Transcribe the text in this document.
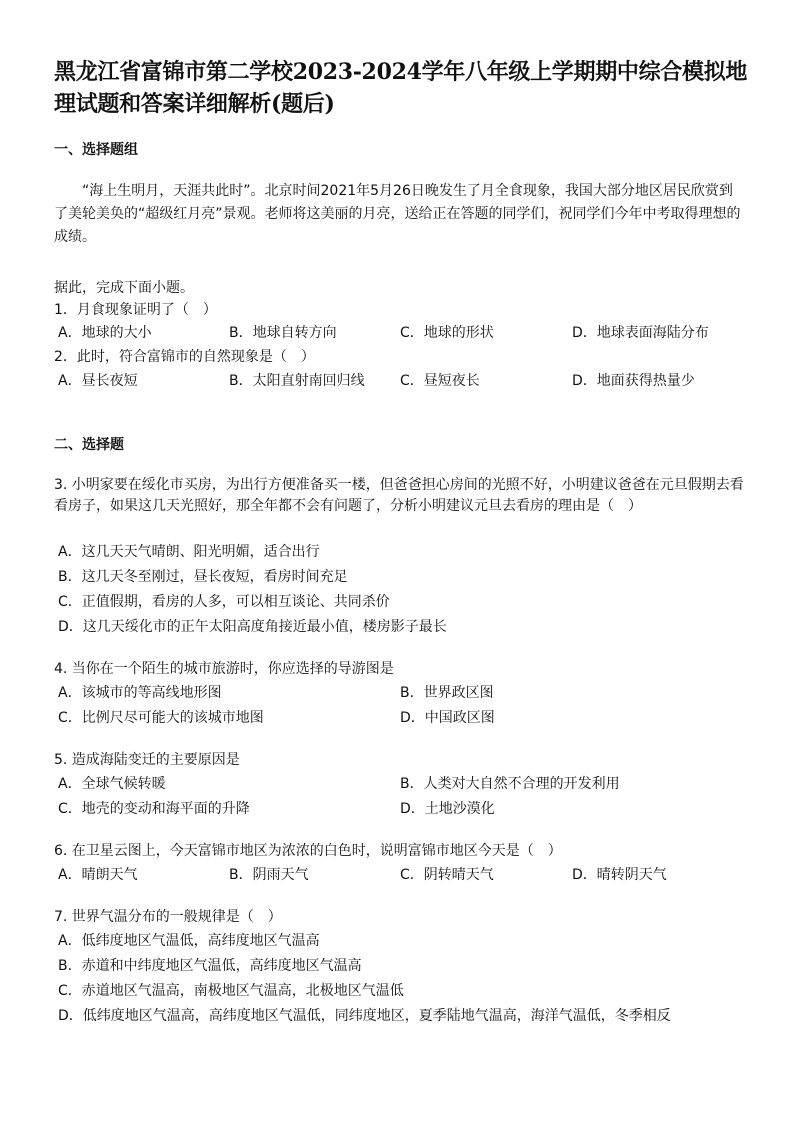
黑龙江省富锦市第二学校2023-2024学年八年级上学期期中综合模拟地理试题和答案详细解析(题后)
一、选择题组
“海上生明月，天涯共此时”。北京时间2021年5月26日晚发生了月全食现象，我国大部分地区居民欣赏到了美轮美奂的“超级红月亮”景观。老师将这美丽的月亮，送给正在答题的同学们，祝同学们今年中考取得理想的成绩。
据此，完成下面小题。
1．月食现象证明了（　）
A．地球的大小	B．地球自转方向	C．地球的形状	D．地球表面海陆分布
2．此时，符合富锦市的自然现象是（　）
A．昼长夜短	B．太阳直射南回归线	C．昼短夜长	D．地面获得热量少
二、选择题
3. 小明家要在绥化市买房，为出行方便准备买一楼，但爸爸担心房间的光照不好，小明建议爸爸在元旦假期去看看房子，如果这几天光照好，那全年都不会有问题了，分析小明建议元旦去看房的理由是（　）
A．这几天天气晴朗、阳光明媚，适合出行
B．这几天冬至刚过，昼长夜短，看房时间充足
C．正值假期，看房的人多，可以相互谈论、共同杀价
D．这几天绥化市的正午太阳高度角接近最小值，楼房影子最长
4. 当你在一个陌生的城市旅游时，你应选择的导游图是
A．该城市的等高线地形图	B．世界政区图
C．比例尺尽可能大的该城市地图	D．中国政区图
5. 造成海陆变迁的主要原因是
A．全球气候转暖	B．人类对大自然不合理的开发利用
C．地壳的变动和海平面的升降	D．土地沙漠化
6. 在卫星云图上，今天富锦市地区为浓浓的白色时，说明富锦市地区今天是（　）
A．晴朗天气	B．阴雨天气	C．阴转晴天气	D．晴转阴天气
7. 世界气温分布的一般规律是（　）
A．低纬度地区气温低，高纬度地区气温高
B．赤道和中纬度地区气温低，高纬度地区气温高
C．赤道地区气温高，南极地区气温高，北极地区气温低
D．低纬度地区气温高，高纬度地区气温低，同纬度地区，夏季陆地气温高，海洋气温低，冬季相反
